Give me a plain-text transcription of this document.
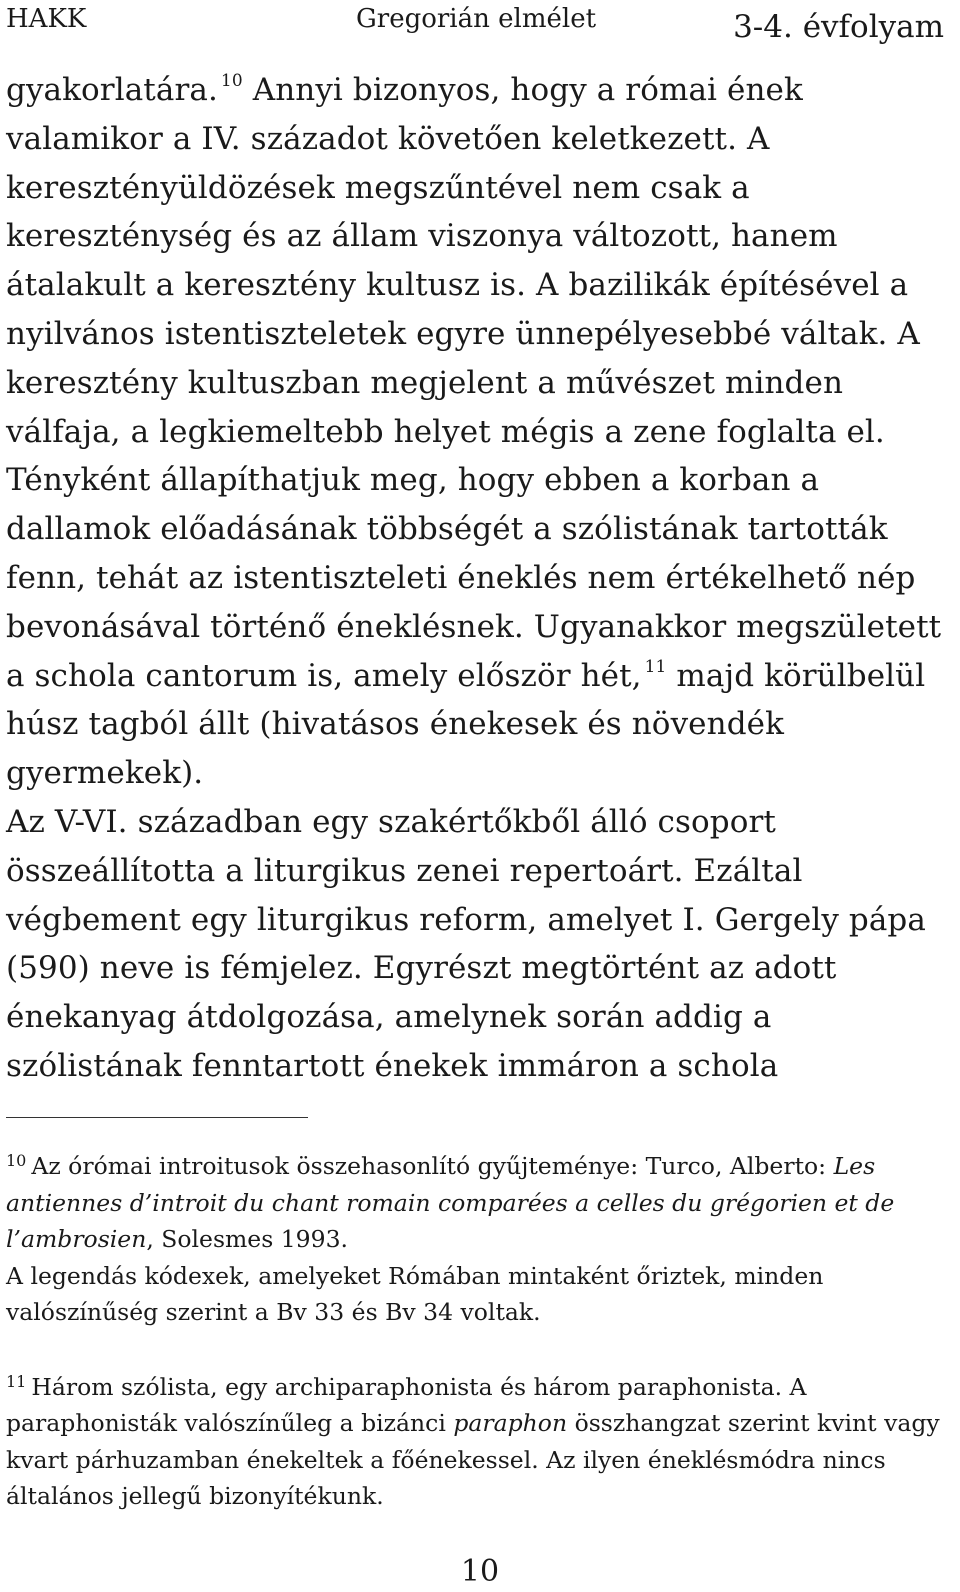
HAKK	Gregorián elmélet	3-4. évfolyam

gyakorlatára. $^{10}$ Annyi bizonyos, hogy a római ének valamikor a IV. századot követően keletkezett. A keresztényüldözések megszűntével nem csak a kereszténység és az állam viszonya változott, hanem átalakult a keresztény kultusz is. A bazilikák építésével a nyilvános istentiszteletek egyre ünnepélyesebbé váltak. A keresztény kultuszban megjelent a művészet minden válfaja, a legkiemeltebb helyet mégis a zene foglalta el. Tényként állapíthatjuk meg, hogy ebben a korban a dallamok előadásának többségét a szólistának tartották fenn, tehát az istentiszteleti éneklés nem értékelhető nép bevonásával történő éneklésnek. Ugyanakkor megszületett a schola cantorum is, amely először hét, $^{11}$ majd körülbelül húsz tagból állt (hivatásos énekesek és növendék gyermekek).

Az V-VI. században egy szakértőkből álló csoport összeállította a liturgikus zenei repertoárt. Ezáltal végbement egy liturgikus reform, amelyet I. Gergely pápa (590) neve is fémjelez. Egyrészt megtörtént az adott énekanyag átdolgozása, amelynek során addig a szólistának fenntartott énekek immáron a schola

$^{10}$ Az órómai introitusok összehasonlító gyűjteménye: Turco, Alberto: Les antiennes d’introit du chant romain comparées a celles du grégorien et de l’ambrosien, Solesmes 1993.

A legendás kódexek, amelyeket Rómában mintaként őriztek, minden valószínűség szerint a Bv 33 és Bv 34 voltak.

$^{11}$ Három szólista, egy archiparaphonista és három paraphonista. A paraphonisták valószínűleg a bizánci paraphon összhangzat szerint kvint vagy kvart párhuzamban énekeltek a főénekessel. Az ilyen éneklésmódra nincs általános jellegű bizonyítékunk.

10
